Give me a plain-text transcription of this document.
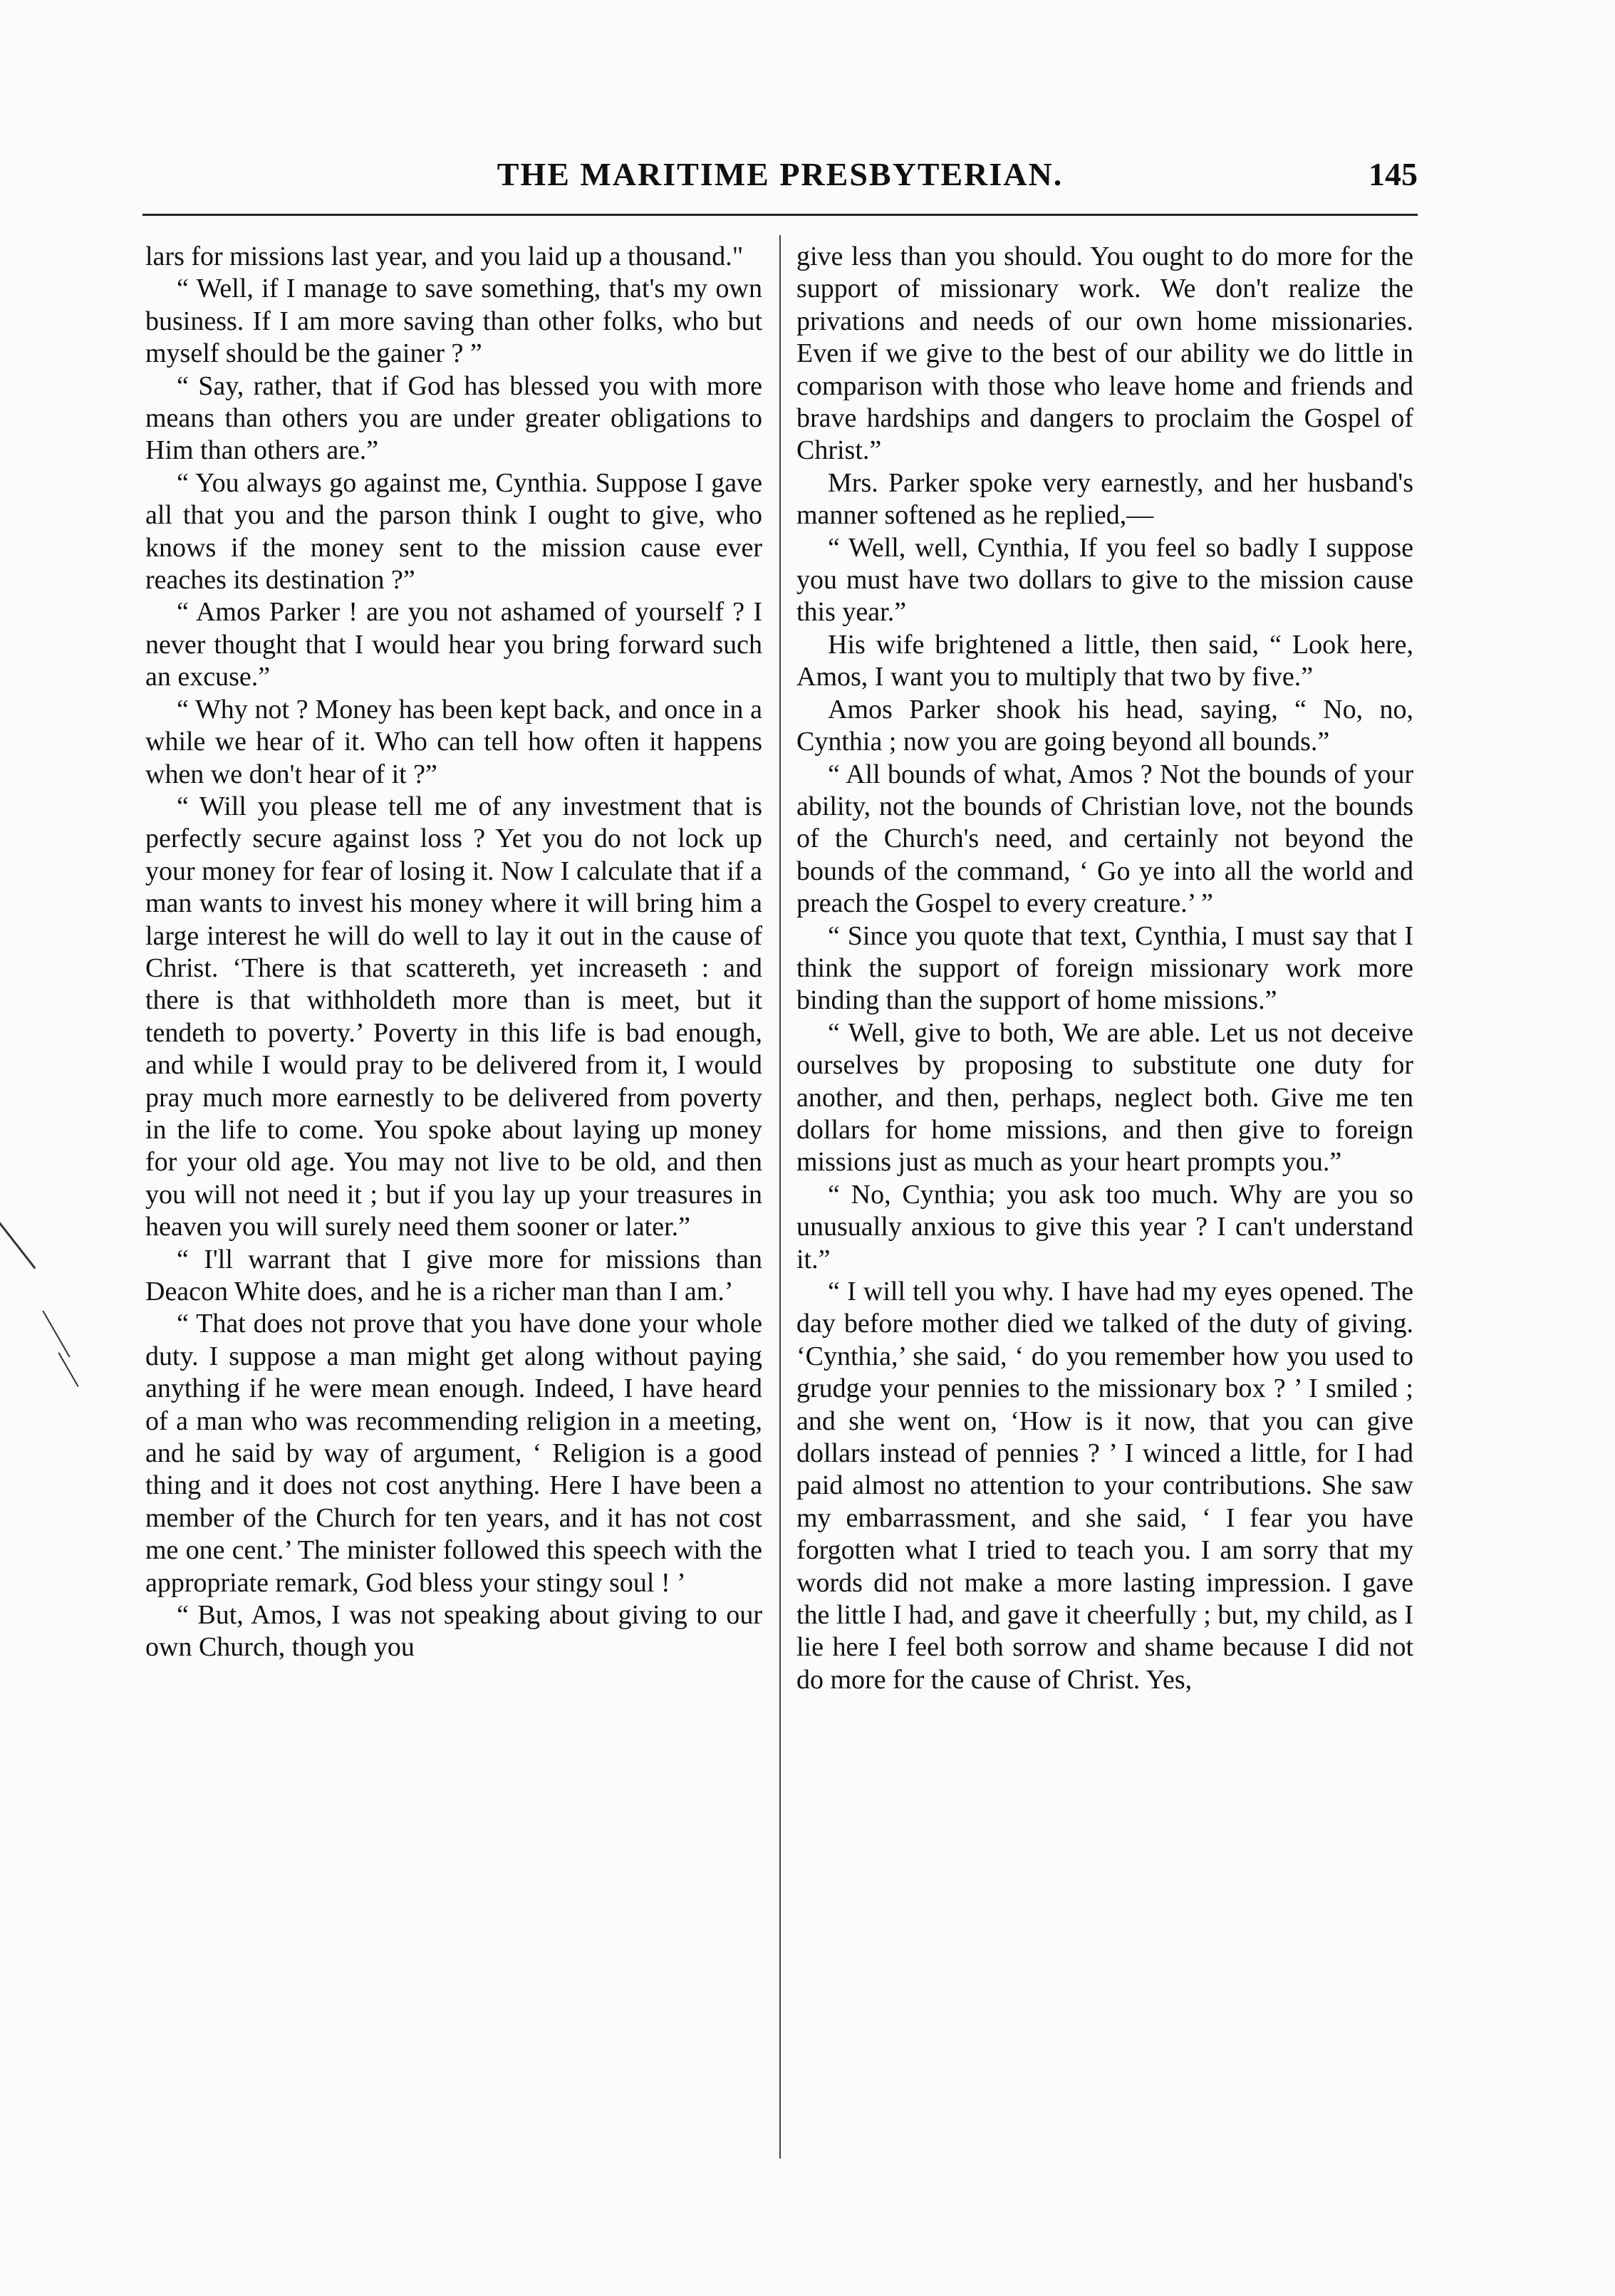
THE MARITIME PRESBYTERIAN.	145

lars for missions last year, and you laid up a thousand."

“ Well, if I manage to save something, that's my own business. If I am more saving than other folks, who but myself should be the gainer ? ”

“ Say, rather, that if God has blessed you with more means than others you are under greater obligations to Him than others are.”

“ You always go against me, Cynthia. Suppose I gave all that you and the parson think I ought to give, who knows if the money sent to the mission cause ever reaches its destination ?”

“ Amos Parker ! are you not ashamed of yourself ? I never thought that I would hear you bring forward such an excuse.”

“ Why not ? Money has been kept back, and once in a while we hear of it. Who can tell how often it happens when we don't hear of it ?”

“ Will you please tell me of any investment that is perfectly secure against loss ? Yet you do not lock up your money for fear of losing it. Now I calculate that if a man wants to invest his money where it will bring him a large interest he will do well to lay it out in the cause of Christ. ‘There is that scattereth, yet increaseth : and there is that withholdeth more than is meet, but it tendeth to poverty.’ Poverty in this life is bad enough, and while I would pray to be delivered from it, I would pray much more earnestly to be delivered from poverty in the life to come. You spoke about laying up money for your old age. You may not live to be old, and then you will not need it ; but if you lay up your treasures in heaven you will surely need them sooner or later.”

“ I'll warrant that I give more for missions than Deacon White does, and he is a richer man than I am.’

“ That does not prove that you have done your whole duty. I suppose a man might get along without paying anything if he were mean enough. Indeed, I have heard of a man who was recommending religion in a meeting, and he said by way of argument, ‘ Religion is a good thing and it does not cost anything. Here I have been a member of the Church for ten years, and it has not cost me one cent.’ The minister followed this speech with the appropriate remark, God bless your stingy soul ! ’

“ But, Amos, I was not speaking about giving to our own Church, though you

give less than you should. You ought to do more for the support of missionary work. We don't realize the privations and needs of our own home missionaries. Even if we give to the best of our ability we do little in comparison with those who leave home and friends and brave hardships and dangers to proclaim the Gospel of Christ.”

Mrs. Parker spoke very earnestly, and her husband's manner softened as he replied,—

“ Well, well, Cynthia, If you feel so badly I suppose you must have two dollars to give to the mission cause this year.”

His wife brightened a little, then said, “ Look here, Amos, I want you to multiply that two by five.”

Amos Parker shook his head, saying, “ No, no, Cynthia ; now you are going beyond all bounds.”

“ All bounds of what, Amos ? Not the bounds of your ability, not the bounds of Christian love, not the bounds of the Church's need, and certainly not beyond the bounds of the command, ‘ Go ye into all the world and preach the Gospel to every creature.’ ”

“ Since you quote that text, Cynthia, I must say that I think the support of foreign missionary work more binding than the support of home missions.”

“ Well, give to both, We are able. Let us not deceive ourselves by proposing to substitute one duty for another, and then, perhaps, neglect both. Give me ten dollars for home missions, and then give to foreign missions just as much as your heart prompts you.”

“ No, Cynthia; you ask too much. Why are you so unusually anxious to give this year ? I can't understand it.”

“ I will tell you why. I have had my eyes opened. The day before mother died we talked of the duty of giving. ‘Cynthia,’ she said, ‘ do you remember how you used to grudge your pennies to the missionary box ? ’ I smiled ; and she went on, ‘How is it now, that you can give dollars instead of pennies ? ’ I winced a little, for I had paid almost no attention to your contributions. She saw my embarrassment, and she said, ‘ I fear you have forgotten what I tried to teach you. I am sorry that my words did not make a more lasting impression. I gave the little I had, and gave it cheerfully ; but, my child, as I lie here I feel both sorrow and shame because I did not do more for the cause of Christ. Yes,
